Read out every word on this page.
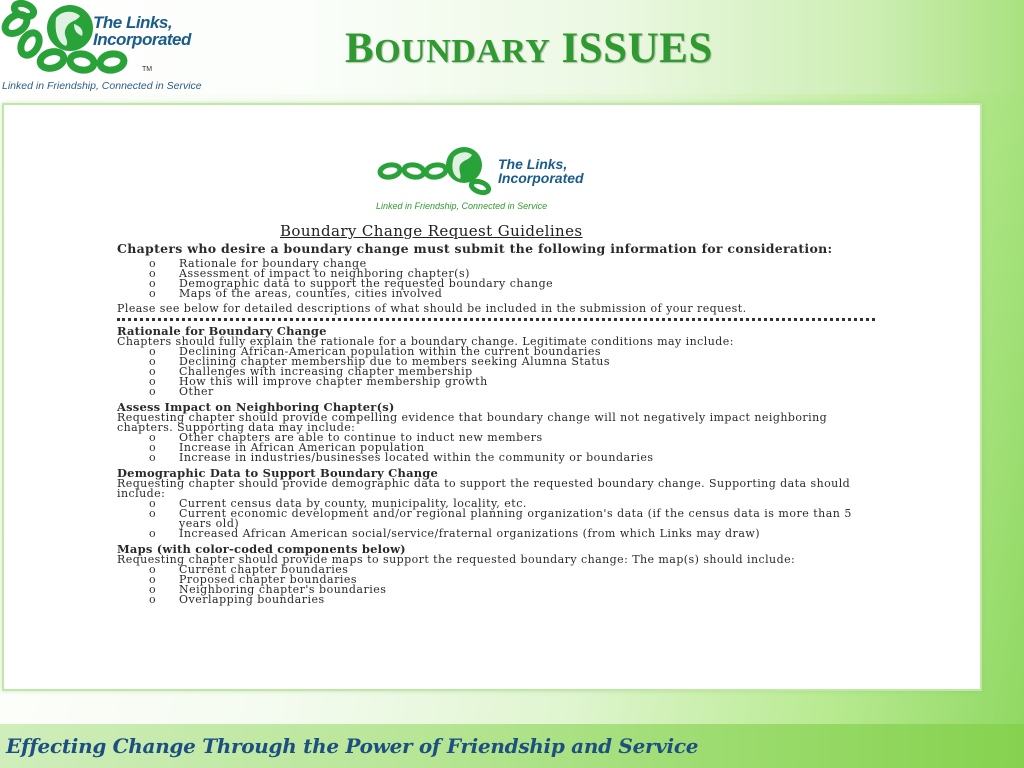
The Links,
Incorporated
TM
Linked in Friendship, Connected in Service
BOUNDARY ISSUES
The Links,
Incorporated
Linked in Friendship, Connected in Service
Boundary Change Request Guidelines

Chapters who desire a boundary change must submit the following information for consideration:

o Rationale for boundary change
o Assessment of impact to neighboring chapter(s)
o Demographic data to support the requested boundary change
o Maps of the areas, counties, cities involved

Please see below for detailed descriptions of what should be included in the submission of your request.

Rationale for Boundary Change

Chapters should fully explain the rationale for a boundary change. Legitimate conditions may include:

o Declining African-American population within the current boundaries
o Declining chapter membership due to members seeking Alumna Status
o Challenges with increasing chapter membership
o How this will improve chapter membership growth
o Other

Assess Impact on Neighboring Chapter(s)

Requesting chapter should provide compelling evidence that boundary change will not negatively impact neighboring chapters. Supporting data may include:

o Other chapters are able to continue to induct new members
o Increase in African American population
o Increase in industries/businesses located within the community or boundaries

Demographic Data to Support Boundary Change

Requesting chapter should provide demographic data to support the requested boundary change. Supporting data should include:

o Current census data by county, municipality, locality, etc.
o Current economic development and/or regional planning organization's data (if the census data is more than 5 years old)
o Increased African American social/service/fraternal organizations (from which Links may draw)

Maps (with color-coded components below)

Requesting chapter should provide maps to support the requested boundary change: The map(s) should include:

o Current chapter boundaries
o Proposed chapter boundaries
o Neighboring chapter's boundaries
o Overlapping boundaries
Effecting Change Through the Power of Friendship and Service
